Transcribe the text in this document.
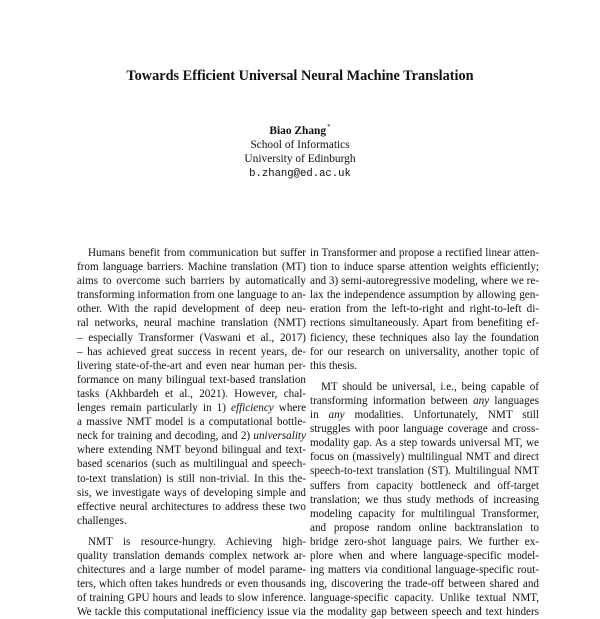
Towards Efficient Universal Neural Machine Translation
Biao Zhang*
School of Informatics
University of Edinburgh
b.zhang@ed.ac.uk
Humans benefit from communication but suffer
from language barriers. Machine translation (MT)
aims to overcome such barriers by automatically
transforming information from one language to an-
other. With the rapid development of deep neu-
ral networks, neural machine translation (NMT)
– especially Transformer (Vaswani et al., 2017)
– has achieved great success in recent years, de-
livering state-of-the-art and even near human per-
formance on many bilingual text-based translation
tasks (Akhbardeh et al., 2021). However, chal-
lenges remain particularly in 1) efficiency where
a massive NMT model is a computational bottle-
neck for training and decoding, and 2) universality
where extending NMT beyond bilingual and text-
based scenarios (such as multilingual and speech-
to-text translation) is still non-trivial. In this the-
sis, we investigate ways of developing simple and
effective neural architectures to address these two
challenges.
NMT is resource-hungry. Achieving high-
quality translation demands complex network ar-
chitectures and a large number of model parame-
ters, which often takes hundreds or even thousands
of training GPU hours and leads to slow inference.
We tackle this computational inefficiency issue via
in Transformer and propose a rectified linear atten-
tion to induce sparse attention weights efficiently;
and 3) semi-autoregressive modeling, where we re-
lax the independence assumption by allowing gen-
eration from the left-to-right and right-to-left di-
rections simultaneously. Apart from benefiting ef-
ficiency, these techniques also lay the foundation
for our research on universality, another topic of
this thesis.
MT should be universal, i.e., being capable of
transforming information between any languages
in any modalities. Unfortunately, NMT still
struggles with poor language coverage and cross-
modality gap. As a step towards universal MT, we
focus on (massively) multilingual NMT and direct
speech-to-text translation (ST). Multilingual NMT
suffers from capacity bottleneck and off-target
translation; we thus study methods of increasing
modeling capacity for multilingual Transformer,
and propose random online backtranslation to
bridge zero-shot language pairs. We further ex-
plore when and where language-specific model-
ing matters via conditional language-specific rout-
ing, discovering the trade-off between shared and
language-specific capacity. Unlike textual NMT,
the modality gap between speech and text hinders
